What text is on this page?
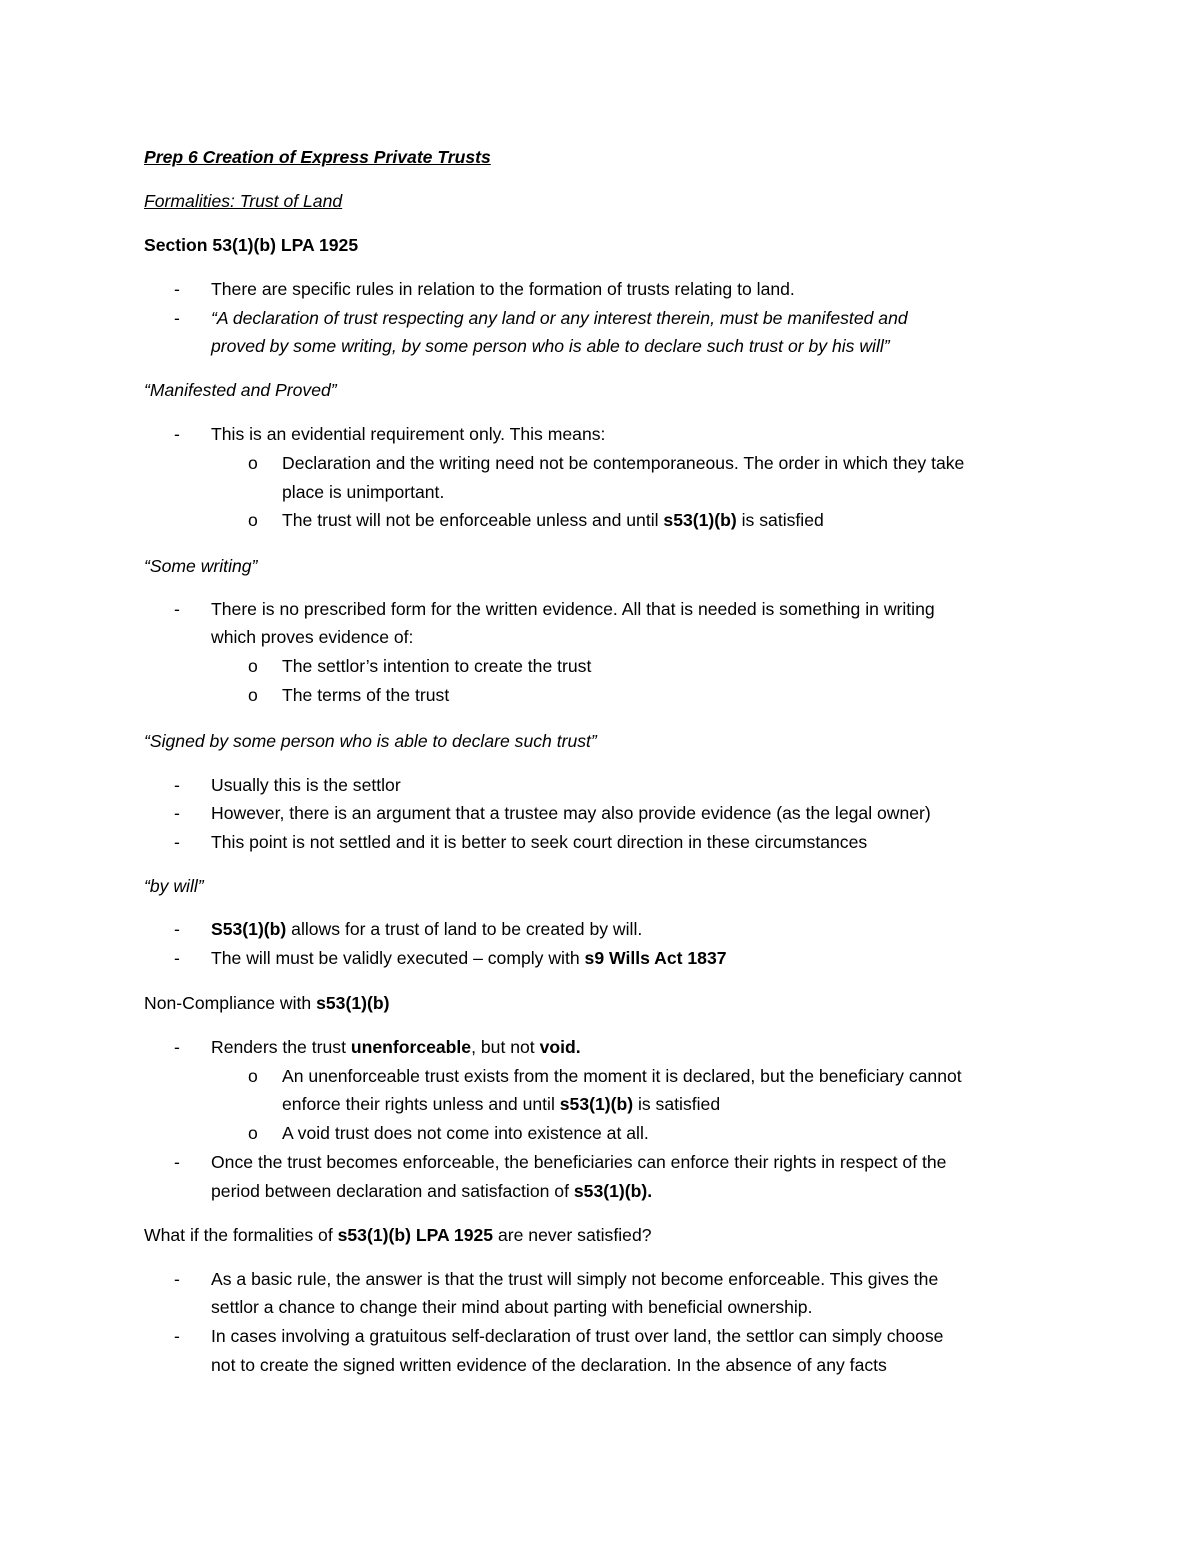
Prep 6 Creation of Express Private Trusts
Formalities: Trust of Land
Section 53(1)(b) LPA 1925
- There are specific rules in relation to the formation of trusts relating to land.
- “A declaration of trust respecting any land or any interest therein, must be manifested and
proved by some writing, by some person who is able to declare such trust or by his will”
“Manifested and Proved”
- This is an evidential requirement only. This means:
o Declaration and the writing need not be contemporaneous. The order in which they take
place is unimportant.
o The trust will not be enforceable unless and until s53(1)(b) is satisfied
“Some writing”
- There is no prescribed form for the written evidence. All that is needed is something in writing
which proves evidence of:
o The settlor’s intention to create the trust
o The terms of the trust
“Signed by some person who is able to declare such trust”
- Usually this is the settlor
- However, there is an argument that a trustee may also provide evidence (as the legal owner)
- This point is not settled and it is better to seek court direction in these circumstances
“by will”
- S53(1)(b) allows for a trust of land to be created by will.
- The will must be validly executed – comply with s9 Wills Act 1837
Non-Compliance with s53(1)(b)
- Renders the trust unenforceable, but not void.
o An unenforceable trust exists from the moment it is declared, but the beneficiary cannot
enforce their rights unless and until s53(1)(b) is satisfied
o A void trust does not come into existence at all.
- Once the trust becomes enforceable, the beneficiaries can enforce their rights in respect of the
period between declaration and satisfaction of s53(1)(b).
What if the formalities of s53(1)(b) LPA 1925 are never satisfied?
- As a basic rule, the answer is that the trust will simply not become enforceable. This gives the
settlor a chance to change their mind about parting with beneficial ownership.
- In cases involving a gratuitous self-declaration of trust over land, the settlor can simply choose
not to create the signed written evidence of the declaration. In the absence of any facts
